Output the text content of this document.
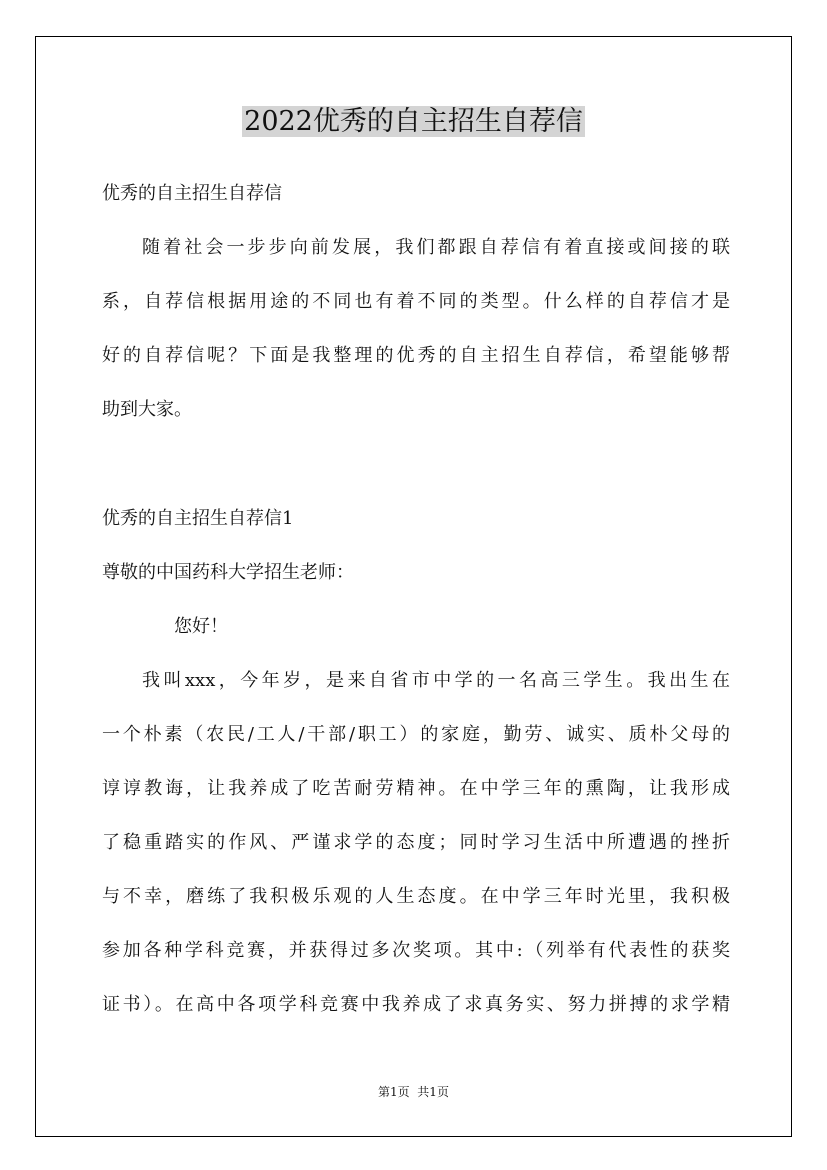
2022优秀的自主招生自荐信
优秀的自主招生自荐信
随着社会一步步向前发展，我们都跟自荐信有着直接或间接的联
系，自荐信根据用途的不同也有着不同的类型。什么样的自荐信才是
好的自荐信呢？下面是我整理的优秀的自主招生自荐信，希望能够帮
助到大家。
优秀的自主招生自荐信1
尊敬的中国药科大学招生老师：
您好！
我叫xxx，今年岁，是来自省市中学的一名高三学生。我出生在
一个朴素（农民/工人/干部/职工）的家庭，勤劳、诚实、质朴父母的
谆谆教诲，让我养成了吃苦耐劳精神。在中学三年的熏陶，让我形成
了稳重踏实的作风、严谨求学的态度；同时学习生活中所遭遇的挫折
与不幸，磨练了我积极乐观的人生态度。在中学三年时光里，我积极
参加各种学科竞赛，并获得过多次奖项。其中:（列举有代表性的获奖
证书）。在高中各项学科竞赛中我养成了求真务实、努力拼搏的求学精
第1页  共1页
